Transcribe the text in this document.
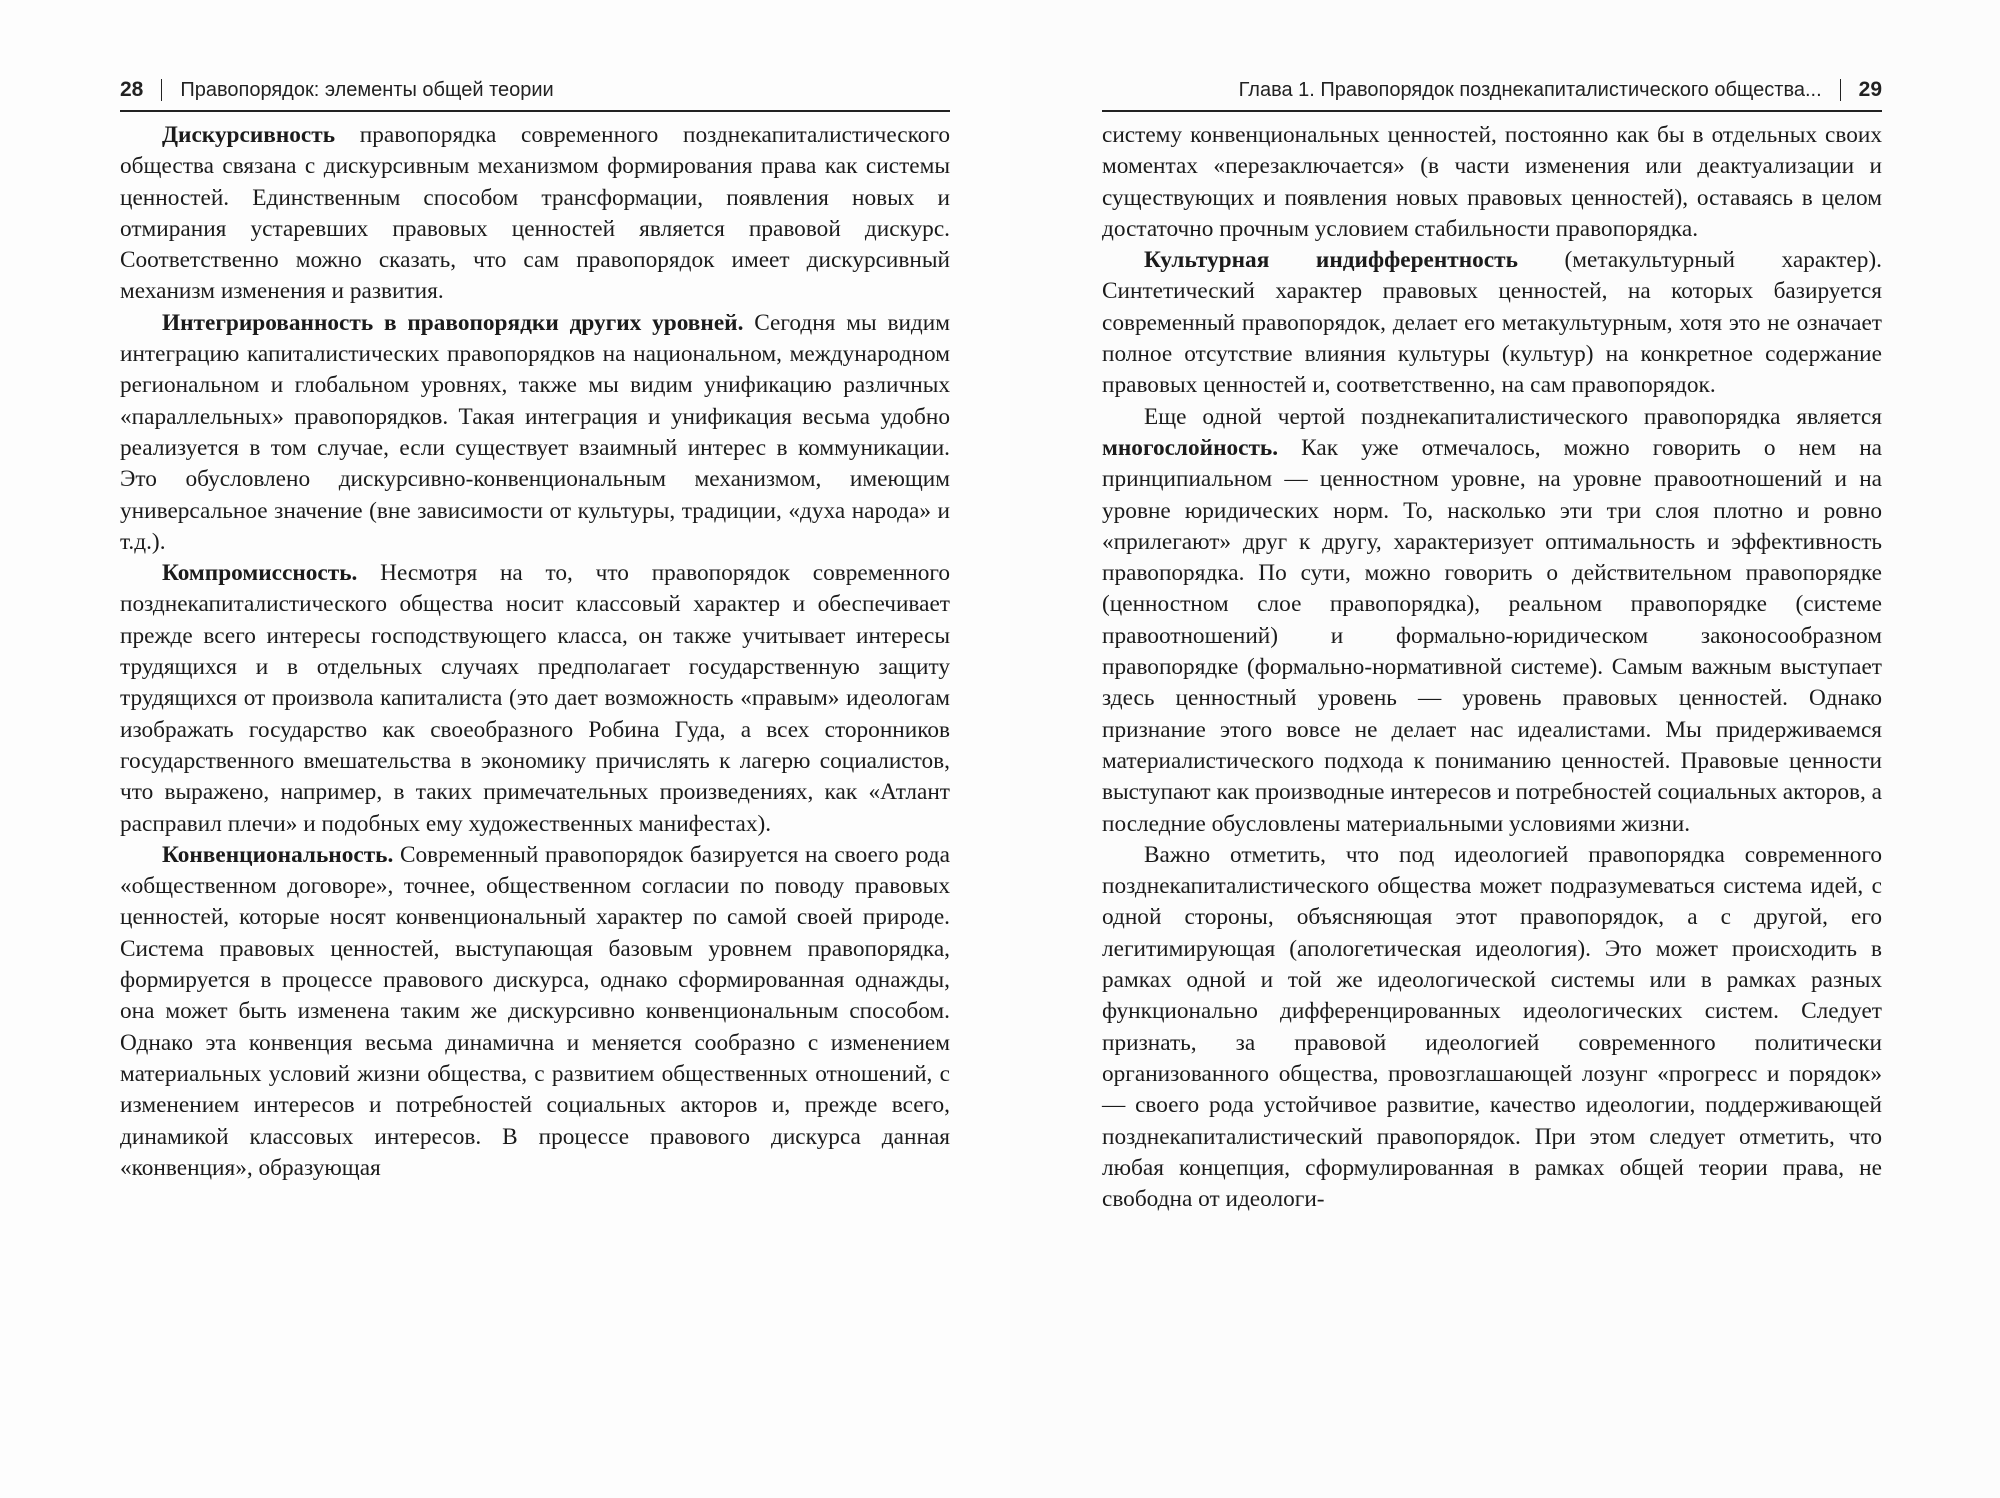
28 Правопорядок: элементы общей теории

Дискурсивность правопорядка современного позднекапиталистического общества связана с дискурсивным механизмом формирования права как системы ценностей. Единственным способом трансформации, появления новых и отмирания устаревших правовых ценностей является правовой дискурс. Соответственно можно сказать, что сам правопорядок имеет дискурсивный механизм изменения и развития.

Интегрированность в правопорядки других уровней. Сегодня мы видим интеграцию капиталистических правопорядков на национальном, международном региональном и глобальном уровнях, также мы видим унификацию различных «параллельных» правопорядков. Такая интеграция и унификация весьма удобно реализуется в том случае, если существует взаимный интерес в коммуникации. Это обусловлено дискурсивно-конвенциональным механизмом, имеющим универсальное значение (вне зависимости от культуры, традиции, «духа народа» и т.д.).

Компромиссность. Несмотря на то, что правопорядок современного позднекапиталистического общества носит классовый характер и обеспечивает прежде всего интересы господствующего класса, он также учитывает интересы трудящихся и в отдельных случаях предполагает государственную защиту трудящихся от произвола капиталиста (это дает возможность «правым» идеологам изображать государство как своеобразного Робина Гуда, а всех сторонников государственного вмешательства в экономику причислять к лагерю социалистов, что выражено, например, в таких примечательных произведениях, как «Атлант расправил плечи» и подобных ему художественных манифестах).

Конвенциональность. Современный правопорядок базируется на своего рода «общественном договоре», точнее, общественном согласии по поводу правовых ценностей, которые носят конвенциональный характер по самой своей природе. Система правовых ценностей, выступающая базовым уровнем правопорядка, формируется в процессе правового дискурса, однако сформированная однажды, она может быть изменена таким же дискурсивно конвенциональным способом. Однако эта конвенция весьма динамична и меняется сообразно с изменением материальных условий жизни общества, с развитием общественных отношений, с изменением интересов и потребностей социальных акторов и, прежде всего, динамикой классовых интересов. В процессе правового дискурса данная «конвенция», образующая

Глава 1. Правопорядок позднекапиталистического общества... 29

систему конвенциональных ценностей, постоянно как бы в отдельных своих моментах «перезаключается» (в части изменения или деактуализации и существующих и появления новых правовых ценностей), оставаясь в целом достаточно прочным условием стабильности правопорядка.

Культурная индифферентность (метакультурный характер). Синтетический характер правовых ценностей, на которых базируется современный правопорядок, делает его метакультурным, хотя это не означает полное отсутствие влияния культуры (культур) на конкретное содержание правовых ценностей и, соответственно, на сам правопорядок.

Еще одной чертой позднекапиталистического правопорядка является многослойность. Как уже отмечалось, можно говорить о нем на принципиальном — ценностном уровне, на уровне правоотношений и на уровне юридических норм. То, насколько эти три слоя плотно и ровно «прилегают» друг к другу, характеризует оптимальность и эффективность правопорядка. По сути, можно говорить о действительном правопорядке (ценностном слое правопорядка), реальном правопорядке (системе правоотношений) и формально-юридическом законосообразном правопорядке (формально-нормативной системе). Самым важным выступает здесь ценностный уровень — уровень правовых ценностей. Однако признание этого вовсе не делает нас идеалистами. Мы придерживаемся материалистического подхода к пониманию ценностей. Правовые ценности выступают как производные интересов и потребностей социальных акторов, а последние обусловлены материальными условиями жизни.

Важно отметить, что под идеологией правопорядка современного позднекапиталистического общества может подразумеваться система идей, с одной стороны, объясняющая этот правопорядок, а с другой, его легитимирующая (апологетическая идеология). Это может происходить в рамках одной и той же идеологической системы или в рамках разных функционально дифференцированных идеологических систем. Следует признать, за правовой идеологией современного политически организованного общества, провозглашающей лозунг «прогресс и порядок» — своего рода устойчивое развитие, качество идеологии, поддерживающей позднекапиталистический правопорядок. При этом следует отметить, что любая концепция, сформулированная в рамках общей теории права, не свободна от идеологи-
